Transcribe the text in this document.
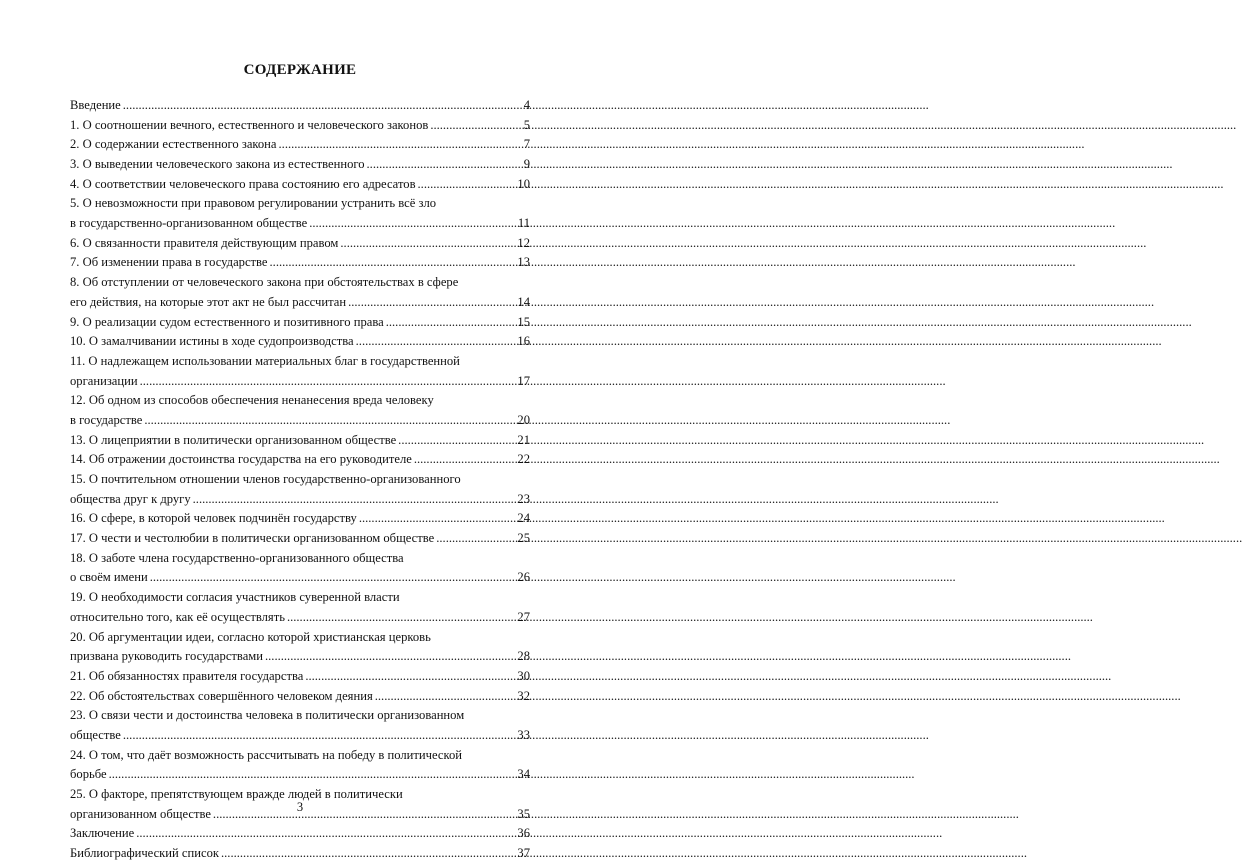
СОДЕРЖАНИЕ
Введение .....	4
1. О соотношении вечного, естественного и человеческого законов .....	5
2. О содержании естественного закона .....	7
3. О выведении человеческого закона из естественного .....	9
4. О соответствии человеческого права состоянию его адресатов .....	10
5. О невозможности при правовом регулировании устранить всё зло
в государственно-организованном обществе .....	11
6. О связанности правителя действующим правом .....	12
7. Об изменении права в государстве .....	13
8. Об отступлении от человеческого закона при обстоятельствах в сфере
его действия, на которые этот акт не был рассчитан .....	14
9. О реализации судом естественного и позитивного права .....	15
10. О замалчивании истины в ходе судопроизводства .....	16
11. О надлежащем использовании материальных благ в государственной
организации .....	17
12. Об одном из способов обеспечения ненанесения вреда человеку
в государстве .....	20
13. О лицеприятии в политически организованном обществе .....	21
14. Об отражении достоинства государства на его руководителе .....	22
15. О почтительном отношении членов государственно-организованного
общества друг к другу .....	23
16. О сфере, в которой человек подчинён государству .....	24
17. О чести и честолюбии в политически организованном обществе .....	25
18. О заботе члена государственно-организованного общества
о своём имени .....	26
19. О необходимости согласия участников суверенной власти
относительно того, как её осуществлять .....	27
20. Об аргументации идеи, согласно которой христианская церковь
призвана руководить государствами .....	28
21. Об обязанностях правителя государства .....	30
22. Об обстоятельствах совершённого человеком деяния .....	32
23. О связи чести и достоинства человека в политически организованном
обществе .....	33
24. О том, что даёт возможность рассчитывать на победу в политической
борьбе .....	34
25. О факторе, препятствующем вражде людей в политически
организованном обществе .....	35
Заключение .....	36
Библиографический список .....	37
3
